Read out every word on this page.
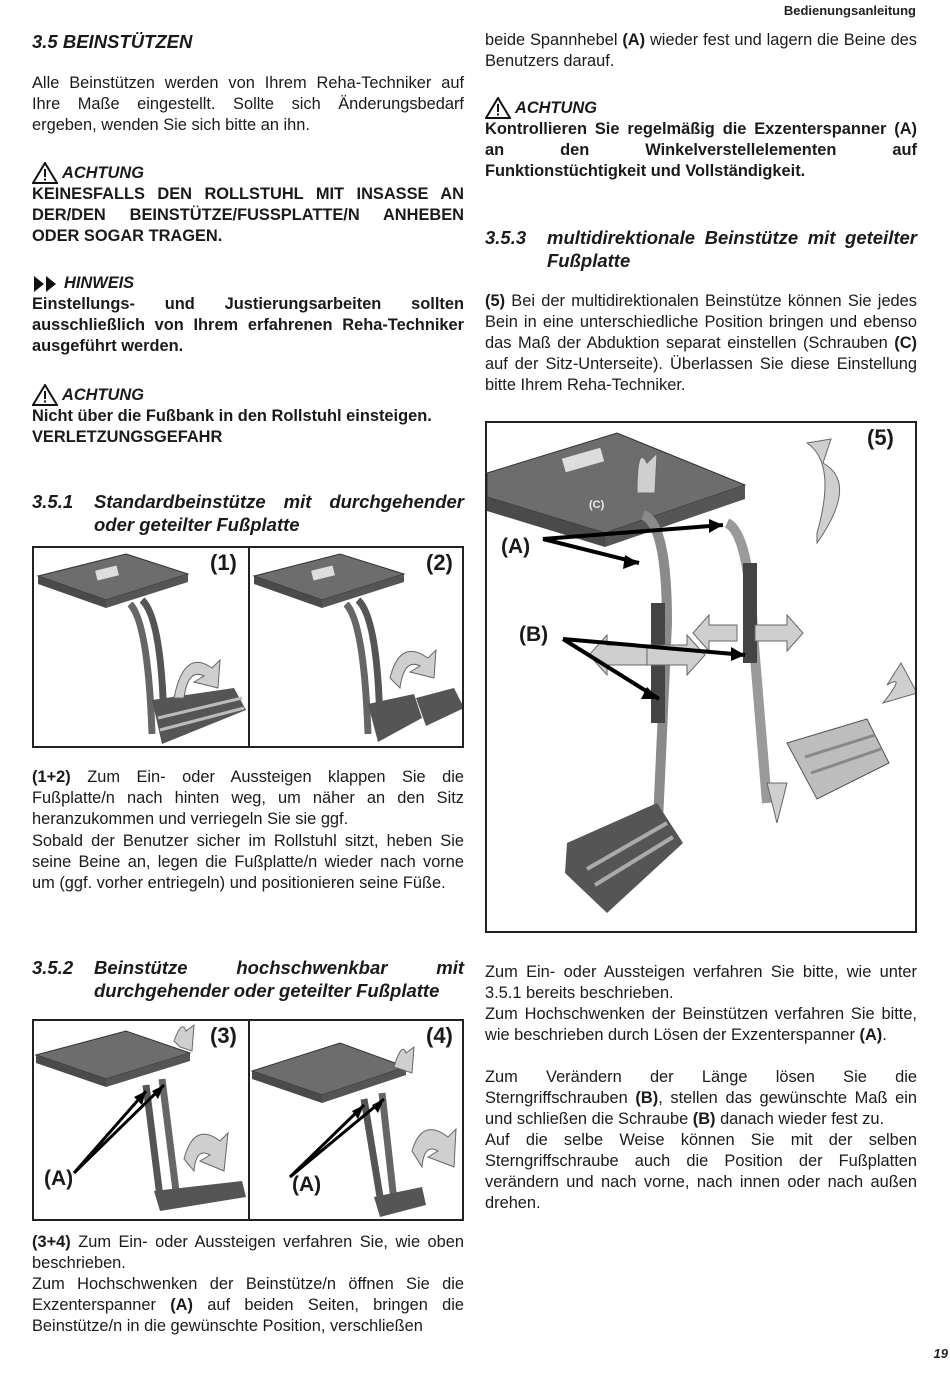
Bedienungsanleitung
3.5 BEINSTÜTZEN

Alle Beinstützen werden von Ihrem Reha-Techniker auf Ihre Maße eingestellt. Sollte sich Änderungsbedarf ergeben, wenden Sie sich bitte an ihn.

ACHTUNG
KEINESFALLS DEN ROLLSTUHL MIT INSASSE AN DER/DEN BEINSTÜTZE/FUSSPLATTE/N ANHEBEN ODER SOGAR TRAGEN.
HINWEIS
Einstellungs- und Justierungsarbeiten sollten ausschließlich von Ihrem erfahrenen Reha-Techniker ausgeführt werden.
ACHTUNG
Nicht über die Fußbank in den Rollstuhl einsteigen.
VERLETZUNGSGEFAHR
3.5.1	Standardbeinstütze mit durchgehender oder geteilter Fußplatte
(1)	(2)
(1+2) Zum Ein- oder Aussteigen klappen Sie die Fußplatte/n nach hinten weg, um näher an den Sitz heranzukommen und verriegeln Sie sie ggf.

Sobald der Benutzer sicher im Rollstuhl sitzt, heben Sie seine Beine an, legen die Fußplatte/n wieder nach vorne um (ggf. vorher entriegeln) und positionieren seine Füße.

3.5.2	Beinstütze hochschwenkbar mit durchgehender oder geteilter Fußplatte
(3)	(4)
(A)	(A)
(3+4) Zum Ein- oder Aussteigen verfahren Sie, wie oben beschrieben.
Zum Hochschwenken der Beinstütze/n öffnen Sie die Exzenterspanner (A) auf beiden Seiten, bringen die Beinstütze/n in die gewünschte Position, verschließen
beide Spannhebel (A) wieder fest und lagern die Beine des Benutzers darauf.
ACHTUNG
Kontrollieren Sie regelmäßig die Exzenterspanner (A) an den Winkelverstellelementen auf Funktionstüchtigkeit und Vollständigkeit.
3.5.3	multidirektionale Beinstütze mit geteilter Fußplatte
(5) Bei der multidirektionalen Beinstütze können Sie jedes Bein in eine unterschiedliche Position bringen und ebenso das Maß der Abduktion separat einstellen (Schrauben (C) auf der Sitz-Unterseite). Überlassen Sie diese Einstellung bitte Ihrem Reha-Techniker.
(5)
(A)
(B)
(C)
Zum Ein- oder Aussteigen verfahren Sie bitte, wie unter 3.5.1 bereits beschrieben.
Zum Hochschwenken der Beinstützen verfahren Sie bitte, wie beschrieben durch Lösen der Exzenterspanner (A).
Zum Verändern der Länge lösen Sie die Sterngriffschrauben (B), stellen das gewünschte Maß ein und schließen die Schraube (B) danach wieder fest zu.

Auf die selbe Weise können Sie mit der selben Sterngriffschraube auch die Position der Fußplatten verändern und nach vorne, nach innen oder nach außen drehen.

19
